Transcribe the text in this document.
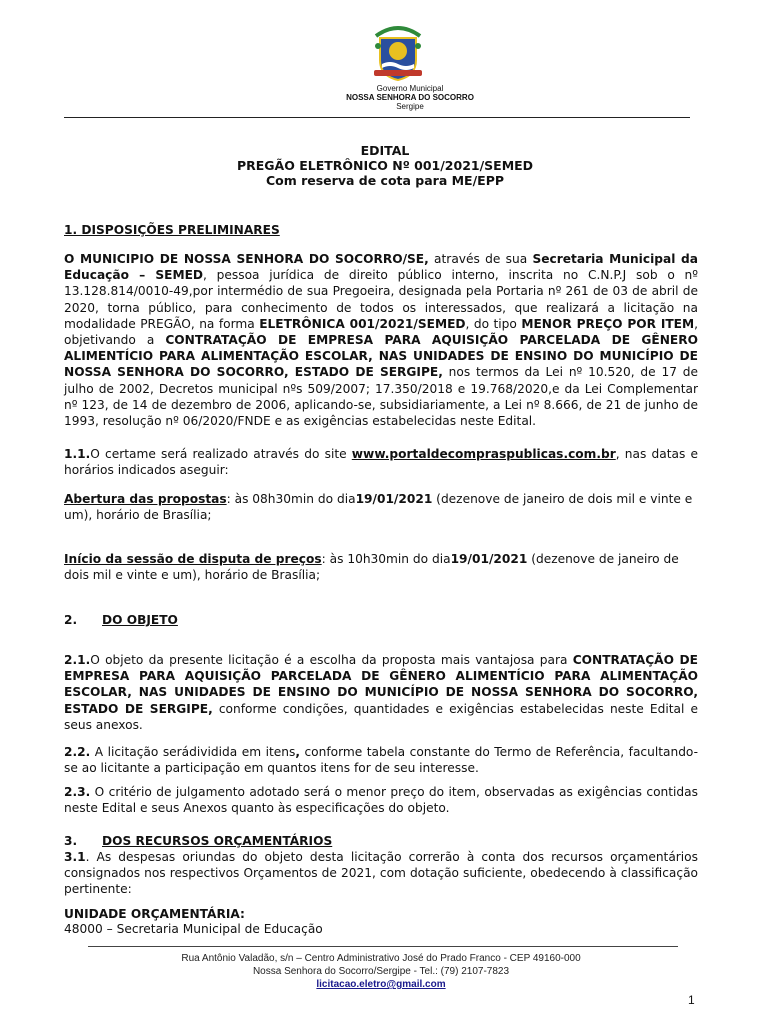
Governo Municipal
NOSSA SENHORA DO SOCORRO
Sergipe
EDITAL
PREGÃO ELETRÔNICO Nº 001/2021/SEMED
Com reserva de cota para ME/EPP
1. DISPOSIÇÕES PRELIMINARES
O MUNICIPIO DE NOSSA SENHORA DO SOCORRO/SE, através de sua Secretaria Municipal da Educação – SEMED, pessoa jurídica de direito público interno, inscrita no C.N.P.J sob o nº 13.128.814/0010-49,por intermédio de sua Pregoeira, designada pela Portaria nº 261 de 03 de abril de 2020, torna público, para conhecimento de todos os interessados, que realizará a licitação na modalidade PREGÃO, na forma ELETRÔNICA 001/2021/SEMED, do tipo MENOR PREÇO POR ITEM, objetivando a CONTRATAÇÃO DE EMPRESA PARA AQUISIÇÃO PARCELADA DE GÊNERO ALIMENTÍCIO PARA ALIMENTAÇÃO ESCOLAR, NAS UNIDADES DE ENSINO DO MUNICÍPIO DE NOSSA SENHORA DO SOCORRO, ESTADO DE SERGIPE, nos termos da Lei nº 10.520, de 17 de julho de 2002, Decretos municipal nºs 509/2007; 17.350/2018 e 19.768/2020,e da Lei Complementar nº 123, de 14 de dezembro de 2006, aplicando-se, subsidiariamente, a Lei nº 8.666, de 21 de junho de 1993, resolução nº 06/2020/FNDE e as exigências estabelecidas neste Edital.
1.1.O certame será realizado através do site www.portaldecompraspublicas.com.br, nas datas e horários indicados aseguir:
Abertura das propostas: às 08h30min do dia19/01/2021 (dezenove de janeiro de dois mil e vinte e um), horário de Brasília;
Início da sessão de disputa de preços: às 10h30min do dia19/01/2021 (dezenove de janeiro de dois mil e vinte e um), horário de Brasília;
2. DO OBJETO
2.1.O objeto da presente licitação é a escolha da proposta mais vantajosa para CONTRATAÇÃO DE EMPRESA PARA AQUISIÇÃO PARCELADA DE GÊNERO ALIMENTÍCIO PARA ALIMENTAÇÃO ESCOLAR, NAS UNIDADES DE ENSINO DO MUNICÍPIO DE NOSSA SENHORA DO SOCORRO, ESTADO DE SERGIPE, conforme condições, quantidades e exigências estabelecidas neste Edital e seus anexos.
2.2. A licitação serádividida em itens, conforme tabela constante do Termo de Referência, facultando-se ao licitante a participação em quantos itens for de seu interesse.
2.3. O critério de julgamento adotado será o menor preço do item, observadas as exigências contidas neste Edital e seus Anexos quanto às especificações do objeto.
3. DOS RECURSOS ORÇAMENTÁRIOS
3.1. As despesas oriundas do objeto desta licitação correrão à conta dos recursos orçamentários consignados nos respectivos Orçamentos de 2021, com dotação suficiente, obedecendo à classificação pertinente:
UNIDADE ORÇAMENTÁRIA:
48000 – Secretaria Municipal de Educação
Rua Antônio Valadão, s/n – Centro Administrativo José do Prado Franco - CEP 49160-000
Nossa Senhora do Socorro/Sergipe - Tel.: (79) 2107-7823
licitacao.eletro@gmail.com
1
